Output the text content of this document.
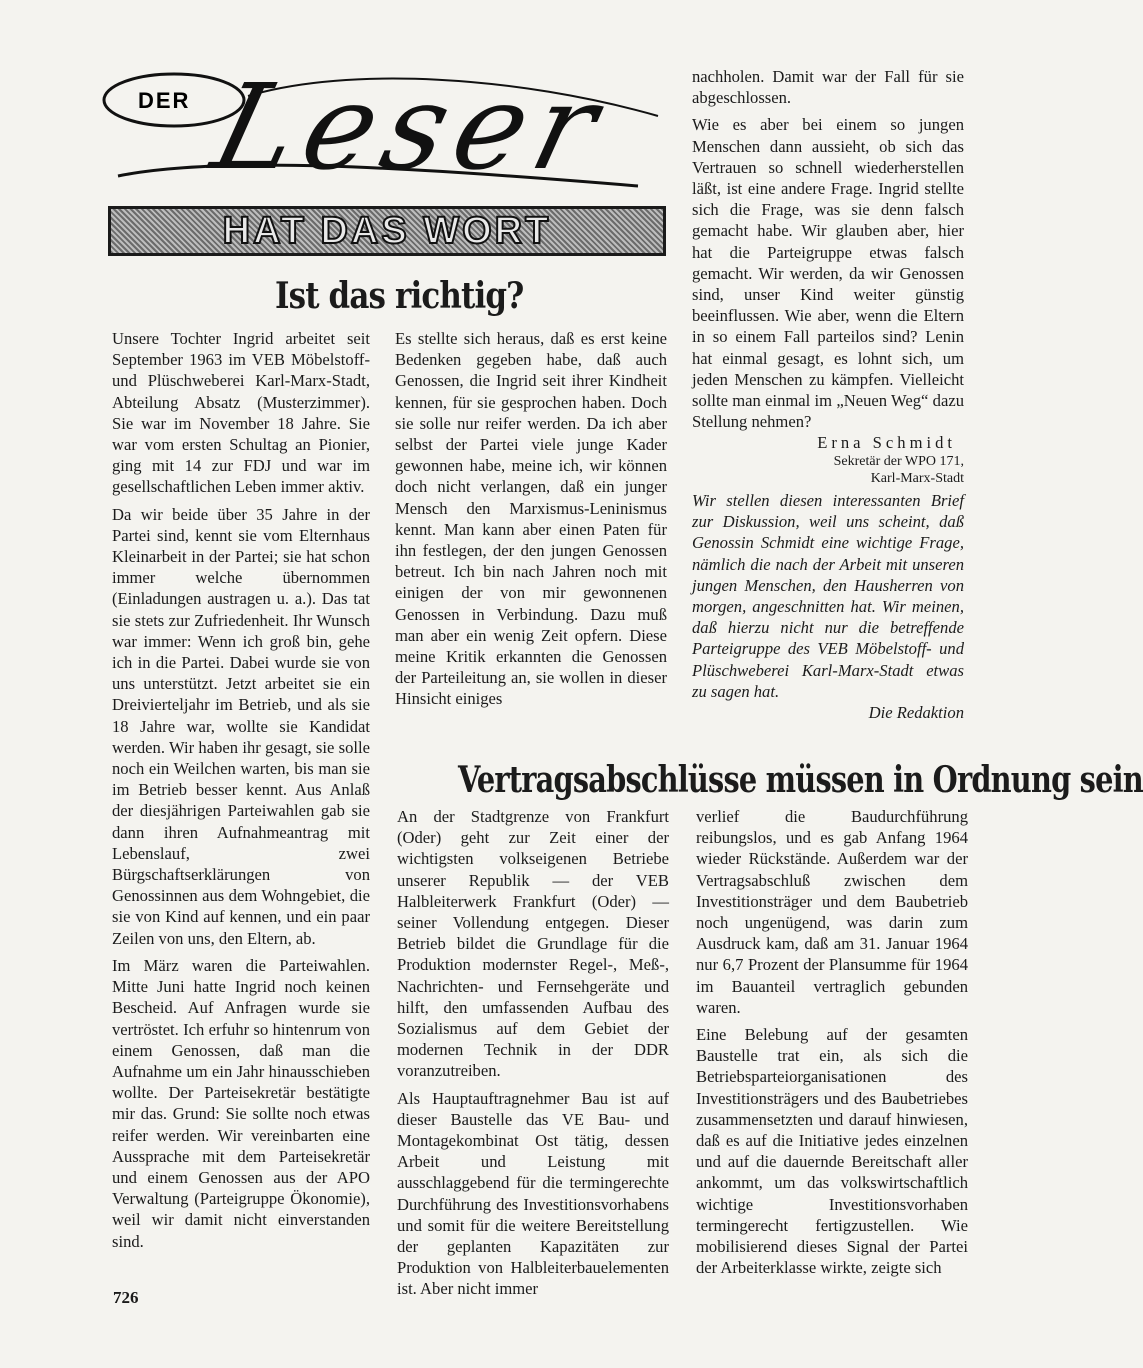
DER Leser
HAT DAS WORT
Ist das richtig?

Unsere Tochter Ingrid arbeitet seit September 1963 im VEB Möbelstoff- und Plüschweberei Karl-Marx-Stadt, Abteilung Absatz (Musterzimmer). Sie war im November 18 Jahre. Sie war vom ersten Schultag an Pionier, ging mit 14 zur FDJ und war im gesellschaftlichen Leben immer aktiv.

Da wir beide über 35 Jahre in der Partei sind, kennt sie vom Elternhaus Kleinarbeit in der Partei; sie hat schon immer welche übernommen (Einladungen austragen u. a.). Das tat sie stets zur Zufriedenheit. Ihr Wunsch war immer: Wenn ich groß bin, gehe ich in die Partei. Dabei wurde sie von uns unterstützt. Jetzt arbeitet sie ein Dreivierteljahr im Betrieb, und als sie 18 Jahre war, wollte sie Kandidat werden. Wir haben ihr gesagt, sie solle noch ein Weilchen warten, bis man sie im Betrieb besser kennt. Aus Anlaß der diesjährigen Parteiwahlen gab sie dann ihren Aufnahmeantrag mit Lebenslauf, zwei Bürgschaftserklärungen von Genossinnen aus dem Wohngebiet, die sie von Kind auf kennen, und ein paar Zeilen von uns, den Eltern, ab.

Im März waren die Parteiwahlen. Mitte Juni hatte Ingrid noch keinen Bescheid. Auf Anfragen wurde sie vertröstet. Ich erfuhr so hintenrum von einem Genossen, daß man die Aufnahme um ein Jahr hinausschieben wollte. Der Parteisekretär bestätigte mir das. Grund: Sie sollte noch etwas reifer werden. Wir vereinbarten eine Aussprache mit dem Parteisekretär und einem Genossen aus der APO Verwaltung (Parteigruppe Ökonomie), weil wir damit nicht einverstanden sind.

Es stellte sich heraus, daß es erst keine Bedenken gegeben habe, daß auch Genossen, die Ingrid seit ihrer Kindheit kennen, für sie gesprochen haben. Doch sie solle nur reifer werden. Da ich aber selbst der Partei viele junge Kader gewonnen habe, meine ich, wir können doch nicht verlangen, daß ein junger Mensch den Marxismus-Leninismus kennt. Man kann aber einen Paten für ihn festlegen, der den jungen Genossen betreut. Ich bin nach Jahren noch mit einigen der von mir gewonnenen Genossen in Verbindung. Dazu muß man aber ein wenig Zeit opfern. Diese meine Kritik erkannten die Genossen der Parteileitung an, sie wollen in dieser Hinsicht einiges

nachholen. Damit war der Fall für sie abgeschlossen.

Wie es aber bei einem so jungen Menschen dann aussieht, ob sich das Vertrauen so schnell wiederherstellen läßt, ist eine andere Frage. Ingrid stellte sich die Frage, was sie denn falsch gemacht habe. Wir glauben aber, hier hat die Parteigruppe etwas falsch gemacht. Wir werden, da wir Genossen sind, unser Kind weiter günstig beeinflussen. Wie aber, wenn die Eltern in so einem Fall parteilos sind? Lenin hat einmal gesagt, es lohnt sich, um jeden Menschen zu kämpfen. Vielleicht sollte man einmal im „Neuen Weg“ dazu Stellung nehmen?

Erna Schmidt
Sekretär der WPO 171,
Karl-Marx-Stadt

Wir stellen diesen interessanten Brief zur Diskussion, weil uns scheint, daß Genossin Schmidt eine wichtige Frage, nämlich die nach der Arbeit mit unseren jungen Menschen, den Hausherren von morgen, angeschnitten hat. Wir meinen, daß hierzu nicht nur die betreffende Parteigruppe des VEB Möbelstoff- und Plüschweberei Karl-Marx-Stadt etwas zu sagen hat.

Die Redaktion

Vertragsabschlüsse müssen in Ordnung sein

An der Stadtgrenze von Frankfurt (Oder) geht zur Zeit einer der wichtigsten volkseigenen Betriebe unserer Republik — der VEB Halbleiterwerk Frankfurt (Oder) — seiner Vollendung entgegen. Dieser Betrieb bildet die Grundlage für die Produktion modernster Regel-, Meß-, Nachrichten- und Fernsehgeräte und hilft, den umfassenden Aufbau des Sozialismus auf dem Gebiet der modernen Technik in der DDR voranzutreiben.

Als Hauptauftragnehmer Bau ist auf dieser Baustelle das VE Bau- und Montagekombinat Ost tätig, dessen Arbeit und Leistung mit ausschlaggebend für die termingerechte Durchführung des Investitionsvorhabens und somit für die weitere Bereitstellung der geplanten Kapazitäten zur Produktion von Halbleiterbauelementen ist. Aber nicht immer

verlief die Baudurchführung reibungslos, und es gab Anfang 1964 wieder Rückstände. Außerdem war der Vertragsabschluß zwischen dem Investitionsträger und dem Baubetrieb noch ungenügend, was darin zum Ausdruck kam, daß am 31. Januar 1964 nur 6,7 Prozent der Plansumme für 1964 im Bauanteil vertraglich gebunden waren.

Eine Belebung auf der gesamten Baustelle trat ein, als sich die Betriebsparteiorganisationen des Investitionsträgers und des Baubetriebes zusammensetzten und darauf hinwiesen, daß es auf die Initiative jedes einzelnen und auf die dauernde Bereitschaft aller ankommt, um das volkswirtschaftlich wichtige Investitionsvorhaben termingerecht fertigzustellen. Wie mobilisierend dieses Signal der Partei der Arbeiterklasse wirkte, zeigte sich

726
